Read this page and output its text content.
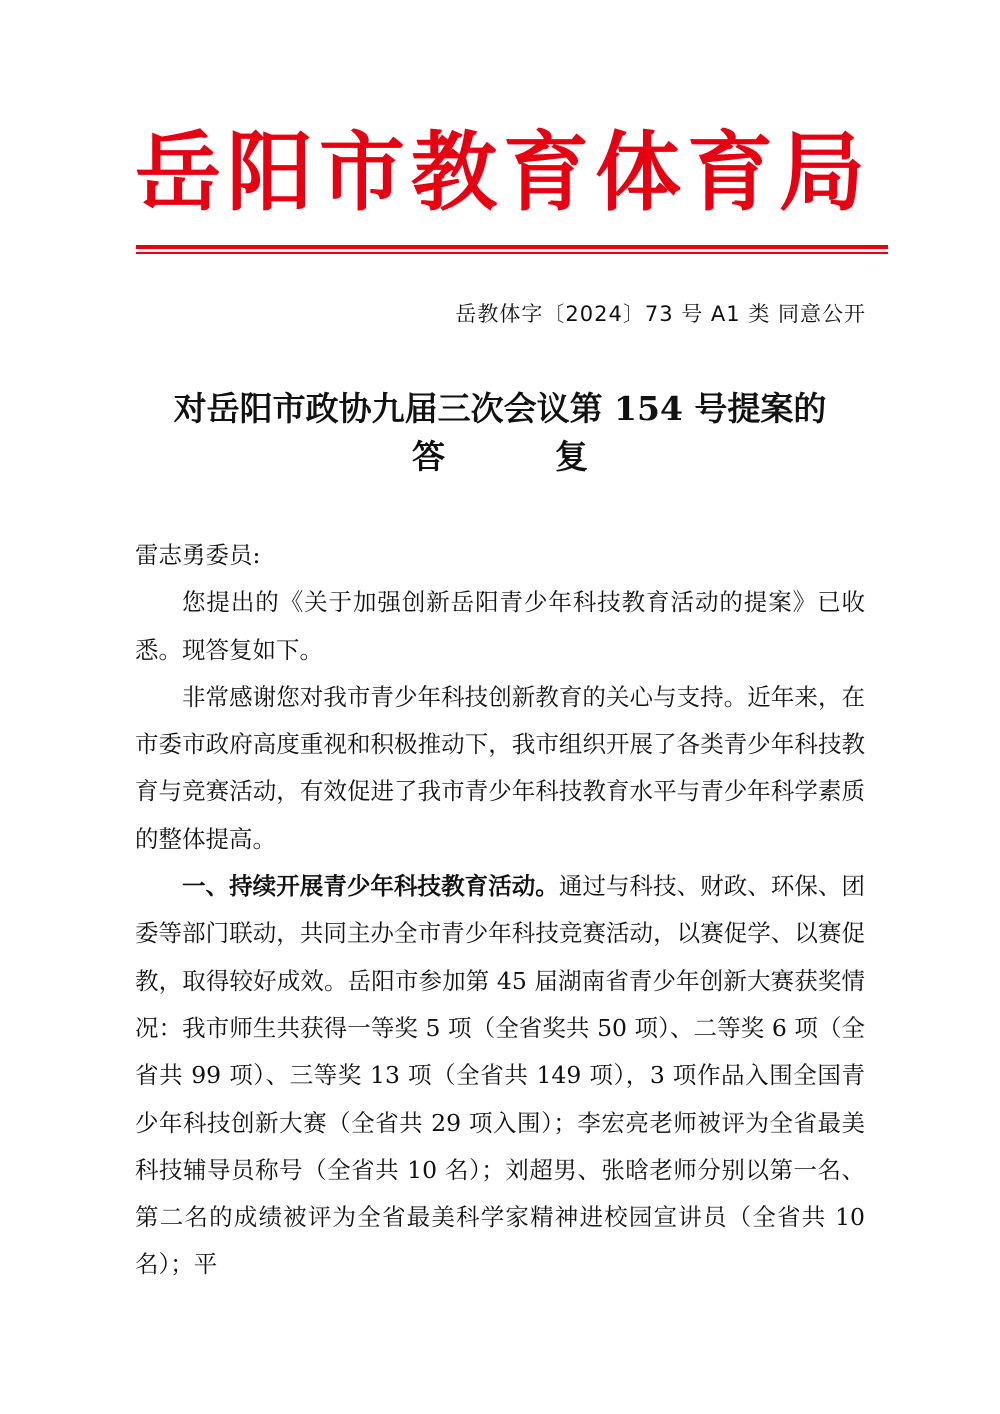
岳 阳 市 教 育 体 育 局
岳教体字〔2024〕73 号 A1 类 同意公开
对岳阳市政协九届三次会议第 154 号提案的
答复

雷志勇委员:

您提出的《关于加强创新岳阳青少年科技教育活动的提案》已收悉。现答复如下。

非常感谢您对我市青少年科技创新教育的关心与支持。近年来，在市委市政府高度重视和积极推动下，我市组织开展了各类青少年科技教育与竞赛活动，有效促进了我市青少年科技教育水平与青少年科学素质的整体提高。

一、持续开展青少年科技教育活动。通过与科技、财政、环保、团委等部门联动，共同主办全市青少年科技竞赛活动，以赛促学、以赛促教，取得较好成效。岳阳市参加第 45 届湖南省青少年创新大赛获奖情况：我市师生共获得一等奖 5 项（全省奖共 50 项）、二等奖 6 项（全省共 99 项）、三等奖 13 项（全省共 149 项），3 项作品入围全国青少年科技创新大赛（全省共 29 项入围）；李宏亮老师被评为全省最美科技辅导员称号（全省共 10 名）；刘超男、张晗老师分别以第一名、第二名的成绩被评为全省最美科学家精神进校园宣讲员（全省共 10 名）；平
